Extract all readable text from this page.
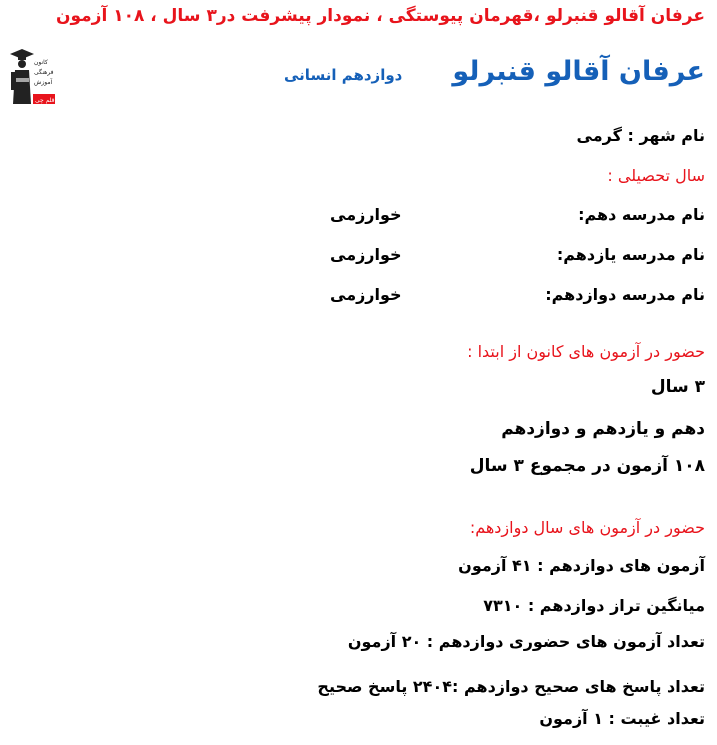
عرفان آقالو قنبرلو ،قهرمان پیوستگی ، نمودار پیشرفت در۳ سال ، ۱۰۸ آزمون
کانون
فرهنگی
آموزش
قلم چی
عرفان آقالو قنبرلو
دوازدهم انسانی
نام شهر : گرمی
سال تحصیلی :
نام مدرسه دهم:
خوارزمی
نام مدرسه یازدهم:
خوارزمی
نام مدرسه دوازدهم:
خوارزمی
حضور در آزمون های کانون از ابتدا :
۳ سال
دهم و یازدهم و دوازدهم
۱۰۸ آزمون در مجموع ۳ سال
حضور در آزمون های سال دوازدهم:
آزمون های دوازدهم : ۴۱ آزمون
میانگین تراز دوازدهم : ۷۳۱۰
تعداد آزمون های حضوری دوازدهم : ۲۰ آزمون
تعداد پاسخ های صحیح دوازدهم :۲۴۰۴ پاسخ صحیح
تعداد غیبت : ۱ آزمون
